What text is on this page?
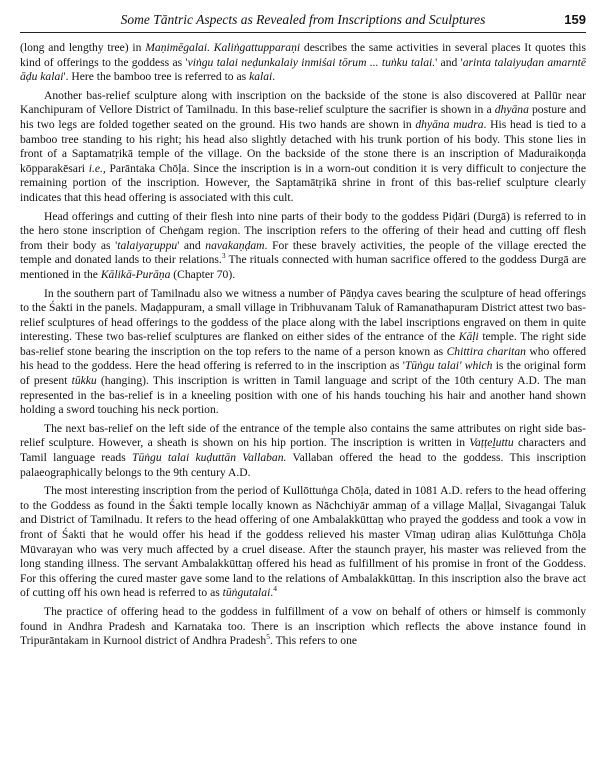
Some Tāntric Aspects as Revealed from Inscriptions and Sculptures	159

(long and lengthy tree) in Maṇimēgalai. Kaliṅgattupparaṇi describes the same activities in several places It quotes this kind of offerings to the goddess as 'viṅgu talai neḍunkalaiy inmiśai tōrum ... tuṅku talai.' and 'arinta talaiyuḍan amarntē āḍu kalai'. Here the bamboo tree is referred to as kalai.

Another bas-relief sculpture along with inscription on the backside of the stone is also discovered at Pallūr near Kanchipuram of Vellore District of Tamilnadu. In this base-relief sculpture the sacrifier is shown in a dhyāna posture and his two legs are folded together seated on the ground. His two hands are shown in dhyāna mudra. His head is tied to a bamboo tree standing to his right; his head also slightly detached with his trunk portion of his body. This stone lies in front of a Saptamatṛikā temple of the village. On the backside of the stone there is an inscription of Maduraikoṇḍa kōpparakēsari i.e., Parāntaka Chōḷa. Since the inscription is in a worn-out condition it is very difficult to conjecture the remaining portion of the inscription. However, the Saptamātṛikā shrine in front of this bas-relief sculpture clearly indicates that this head offering is associated with this cult.

Head offerings and cutting of their flesh into nine parts of their body to the goddess Piḍāri (Durgā) is referred to in the hero stone inscription of Cheṅgam region. The inscription refers to the offering of their head and cutting off flesh from their body as 'talaiyaṟuppu' and navakaṇḍam. For these bravely activities, the people of the village erected the temple and donated lands to their relations.$^3$ The rituals connected with human sacrifice offered to the goddess Durgā are mentioned in the Kālikā-Purāṇa (Chapter 70).

In the southern part of Tamilnadu also we witness a number of Pāṇḍya caves bearing the sculpture of head offerings to the Śakti in the panels. Maḍappuram, a small village in Tribhuvanam Taluk of Ramanathapuram District attest two bas-relief sculptures of head offerings to the goddess of the place along with the label inscriptions engraved on them in quite interesting. These two bas-relief sculptures are flanked on either sides of the entrance of the Kāḷi temple. The right side bas-relief stone bearing the inscription on the top refers to the name of a person known as Chittira charitan who offered his head to the goddess. Here the head offering is referred to in the inscription as 'Tūṅgu talai' which is the original form of present tūkku (hanging). This inscription is written in Tamil language and script of the 10th century A.D. The man represented in the bas-relief is in a kneeling position with one of his hands touching his hair and another hand shown holding a sword touching his neck portion.

The next bas-relief on the left side of the entrance of the temple also contains the same attributes on right side bas-relief sculpture. However, a sheath is shown on his hip portion. The inscription is written in Vaṭṭeḻuttu characters and Tamil language reads Tūṅgu talai kuḍuttān Vallaban. Vallaban offered the head to the goddess. This inscription palaeographically belongs to the 9th century A.D.

The most interesting inscription from the period of Kullōttuṅga Chōḷa, dated in 1081 A.D. refers to the head offering to the Goddess as found in the Śakti temple locally known as Nāchchiyār ammaṉ of a village Maḷḷal, Sivagangai Taluk and District of Tamilnadu. It refers to the head offering of one Ambalakkūttaṉ who prayed the goddess and took a vow in front of Śakti that he would offer his head if the goddess relieved his master Vīmaṉ udiraṉ alias Kulōttuṅga Chōḷa Mūvarayan who was very much affected by a cruel disease. After the staunch prayer, his master was relieved from the long standing illness. The servant Ambalakkūttaṉ offered his head as fulfillment of his promise in front of the Goddess. For this offering the cured master gave some land to the relations of Ambalakkūttaṉ. In this inscription also the brave act of cutting off his own head is referred to as tūṅgutalai.$^4$

The practice of offering head to the goddess in fulfillment of a vow on behalf of others or himself is commonly found in Andhra Pradesh and Karnataka too. There is an inscription which reflects the above instance found in Tripurāntakam in Kurnool district of Andhra Pradesh$^5$. This refers to one
